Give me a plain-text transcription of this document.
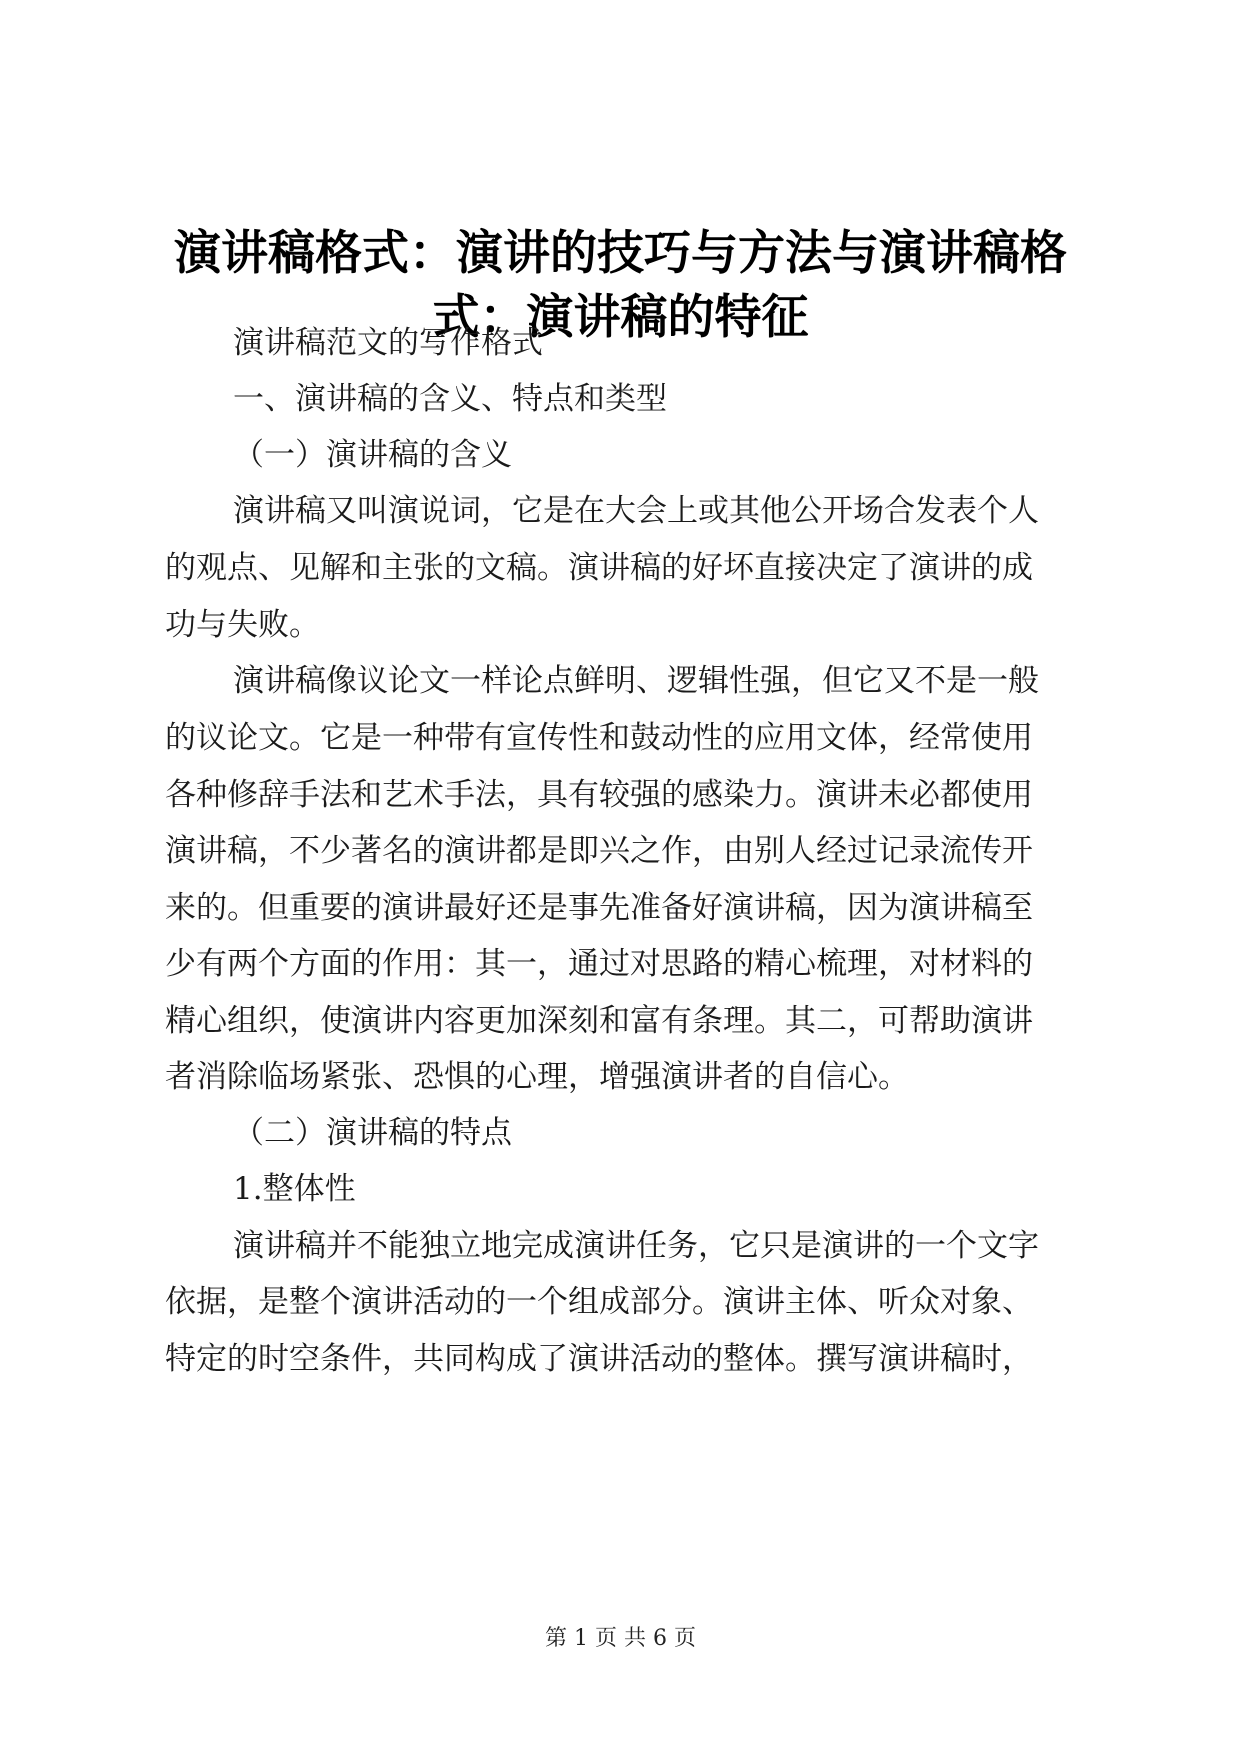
演讲稿格式：演讲的技巧与方法与演讲稿格
式：演讲稿的特征

演讲稿范文的写作格式

一、演讲稿的含义、特点和类型

（一）演讲稿的含义

演讲稿又叫演说词，它是在大会上或其他公开场合发表个人

的观点、见解和主张的文稿。演讲稿的好坏直接决定了演讲的成

功与失败。

演讲稿像议论文一样论点鲜明、逻辑性强，但它又不是一般

的议论文。它是一种带有宣传性和鼓动性的应用文体，经常使用

各种修辞手法和艺术手法，具有较强的感染力。演讲未必都使用

演讲稿，不少著名的演讲都是即兴之作，由别人经过记录流传开

来的。但重要的演讲最好还是事先准备好演讲稿，因为演讲稿至

少有两个方面的作用：其一，通过对思路的精心梳理，对材料的

精心组织，使演讲内容更加深刻和富有条理。其二，可帮助演讲

者消除临场紧张、恐惧的心理，增强演讲者的自信心。

（二）演讲稿的特点

1.整体性

演讲稿并不能独立地完成演讲任务，它只是演讲的一个文字

依据，是整个演讲活动的一个组成部分。演讲主体、听众对象、

特定的时空条件，共同构成了演讲活动的整体。撰写演讲稿时，

第 1 页 共 6 页
